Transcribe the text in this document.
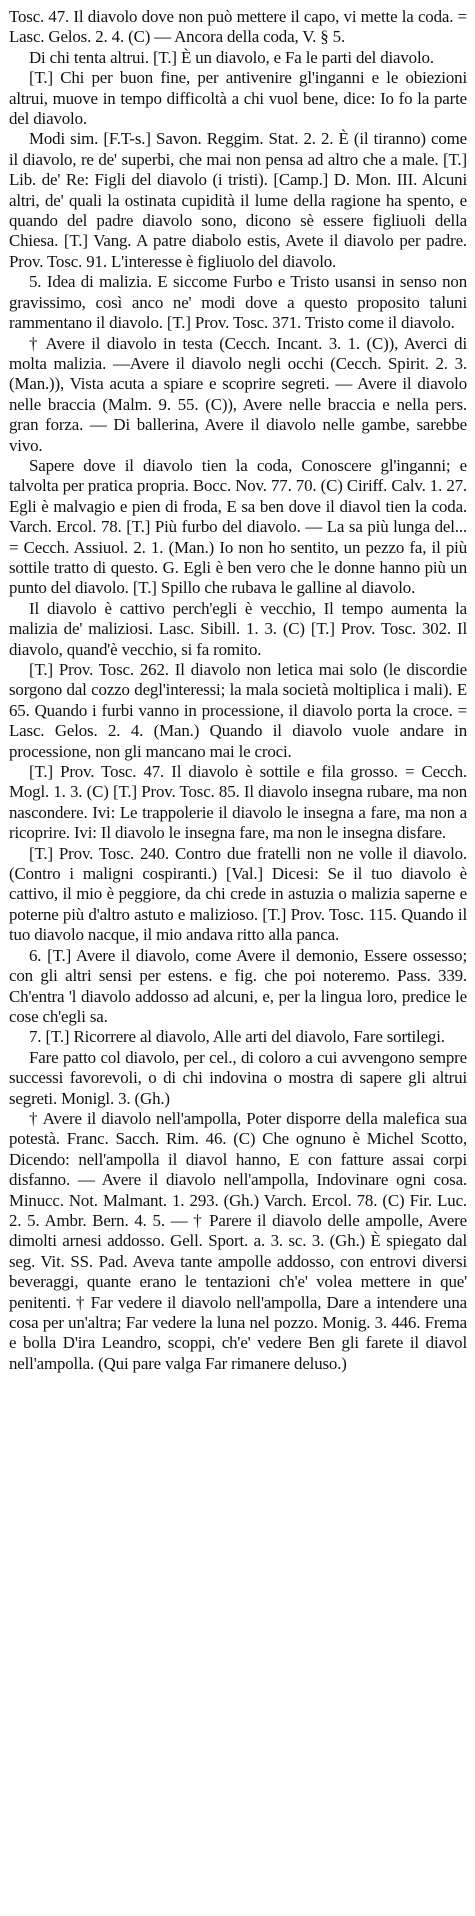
Tosc. 47. Il diavolo dove non può mettere il capo, vi mette la coda. = Lasc. Gelos. 2. 4. (C) — Ancora della coda, V. § 5.

Di chi tenta altrui. [T.] È un diavolo, e Fa le parti del diavolo.

[T.] Chi per buon fine, per antivenire gl'inganni e le obiezioni altrui, muove in tempo difficoltà a chi vuol bene, dice: Io fo la parte del diavolo.

Modi sim. [F.T-s.] Savon. Reggim. Stat. 2. 2. È (il tiranno) come il diavolo, re de' superbi, che mai non pensa ad altro che a male. [T.] Lib. de' Re: Figli del diavolo (i tristi). [Camp.] D. Mon. III. Alcuni altri, de' quali la ostinata cupidità il lume della ragione ha spento, e quando del padre diavolo sono, dicono sè essere figliuoli della Chiesa. [T.] Vang. A patre diabolo estis, Avete il diavolo per padre. Prov. Tosc. 91. L'interesse è figliuolo del diavolo.

5. Idea di malizia. E siccome Furbo e Tristo usansi in senso non gravissimo, così anco ne' modi dove a questo proposito taluni rammentano il diavolo. [T.] Prov. Tosc. 371. Tristo come il diavolo.

† Avere il diavolo in testa (Cecch. Incant. 3. 1. (C)), Averci di molta malizia. —Avere il diavolo negli occhi (Cecch. Spirit. 2. 3. (Man.)), Vista acuta a spiare e scoprire segreti. — Avere il diavolo nelle braccia (Malm. 9. 55. (C)), Avere nelle braccia e nella pers. gran forza. — Di ballerina, Avere il diavolo nelle gambe, sarebbe vivo.

Sapere dove il diavolo tien la coda, Conoscere gl'inganni; e talvolta per pratica propria. Bocc. Nov. 77. 70. (C) Ciriff. Calv. 1. 27. Egli è malvagio e pien di froda, E sa ben dove il diavol tien la coda. Varch. Ercol. 78. [T.] Più furbo del diavolo. — La sa più lunga del... = Cecch. Assiuol. 2. 1. (Man.) Io non ho sentito, un pezzo fa, il più sottile tratto di questo. G. Egli è ben vero che le donne hanno più un punto del diavolo. [T.] Spillo che rubava le galline al diavolo.

Il diavolo è cattivo perch'egli è vecchio, Il tempo aumenta la malizia de' maliziosi. Lasc. Sibill. 1. 3. (C) [T.] Prov. Tosc. 302. Il diavolo, quand'è vecchio, si fa romito.

[T.] Prov. Tosc. 262. Il diavolo non letica mai solo (le discordie sorgono dal cozzo degl'interessi; la mala società moltiplica i mali). E 65. Quando i furbi vanno in processione, il diavolo porta la croce. = Lasc. Gelos. 2. 4. (Man.) Quando il diavolo vuole andare in processione, non gli mancano mai le croci.

[T.] Prov. Tosc. 47. Il diavolo è sottile e fila grosso. = Cecch. Mogl. 1. 3. (C) [T.] Prov. Tosc. 85. Il diavolo insegna rubare, ma non nascondere. Ivi: Le trappolerie il diavolo le insegna a fare, ma non a ricoprire. Ivi: Il diavolo le insegna fare, ma non le insegna disfare.

[T.] Prov. Tosc. 240. Contro due fratelli non ne volle il diavolo. (Contro i maligni cospiranti.) [Val.] Dicesi: Se il tuo diavolo è cattivo, il mio è peggiore, da chi crede in astuzia o malizia saperne e poterne più d'altro astuto e malizioso. [T.] Prov. Tosc. 115. Quando il tuo diavolo nacque, il mio andava ritto alla panca.

6. [T.] Avere il diavolo, come Avere il demonio, Essere ossesso; con gli altri sensi per estens. e fig. che poi noteremo. Pass. 339. Ch'entra 'l diavolo addosso ad alcuni, e, per la lingua loro, predice le cose ch'egli sa.

7. [T.] Ricorrere al diavolo, Alle arti del diavolo, Fare sortilegi.

Fare patto col diavolo, per cel., di coloro a cui avvengono sempre successi favorevoli, o di chi indovina o mostra di sapere gli altrui segreti. Monigl. 3. (Gh.)

† Avere il diavolo nell'ampolla, Poter disporre della malefica sua potestà. Franc. Sacch. Rim. 46. (C) Che ognuno è Michel Scotto, Dicendo: nell'ampolla il diavol hanno, E con fatture assai corpi disfanno. — Avere il diavolo nell'ampolla, Indovinare ogni cosa. Minucc. Not. Malmant. 1. 293. (Gh.) Varch. Ercol. 78. (C) Fir. Luc. 2. 5. Ambr. Bern. 4. 5. — † Parere il diavolo delle ampolle, Avere dimolti arnesi addosso. Gell. Sport. a. 3. sc. 3. (Gh.) È spiegato dal seg. Vit. SS. Pad. Aveva tante ampolle addosso, con entrovi diversi beveraggi, quante erano le tentazioni ch'e' volea mettere in que' penitenti. † Far vedere il diavolo nell'ampolla, Dare a intendere una cosa per un'altra; Far vedere la luna nel pozzo. Monig. 3. 446. Frema e bolla D'ira Leandro, scoppi, ch'e' vedere Ben gli farete il diavol nell'ampolla. (Qui pare valga Far rimanere deluso.)
